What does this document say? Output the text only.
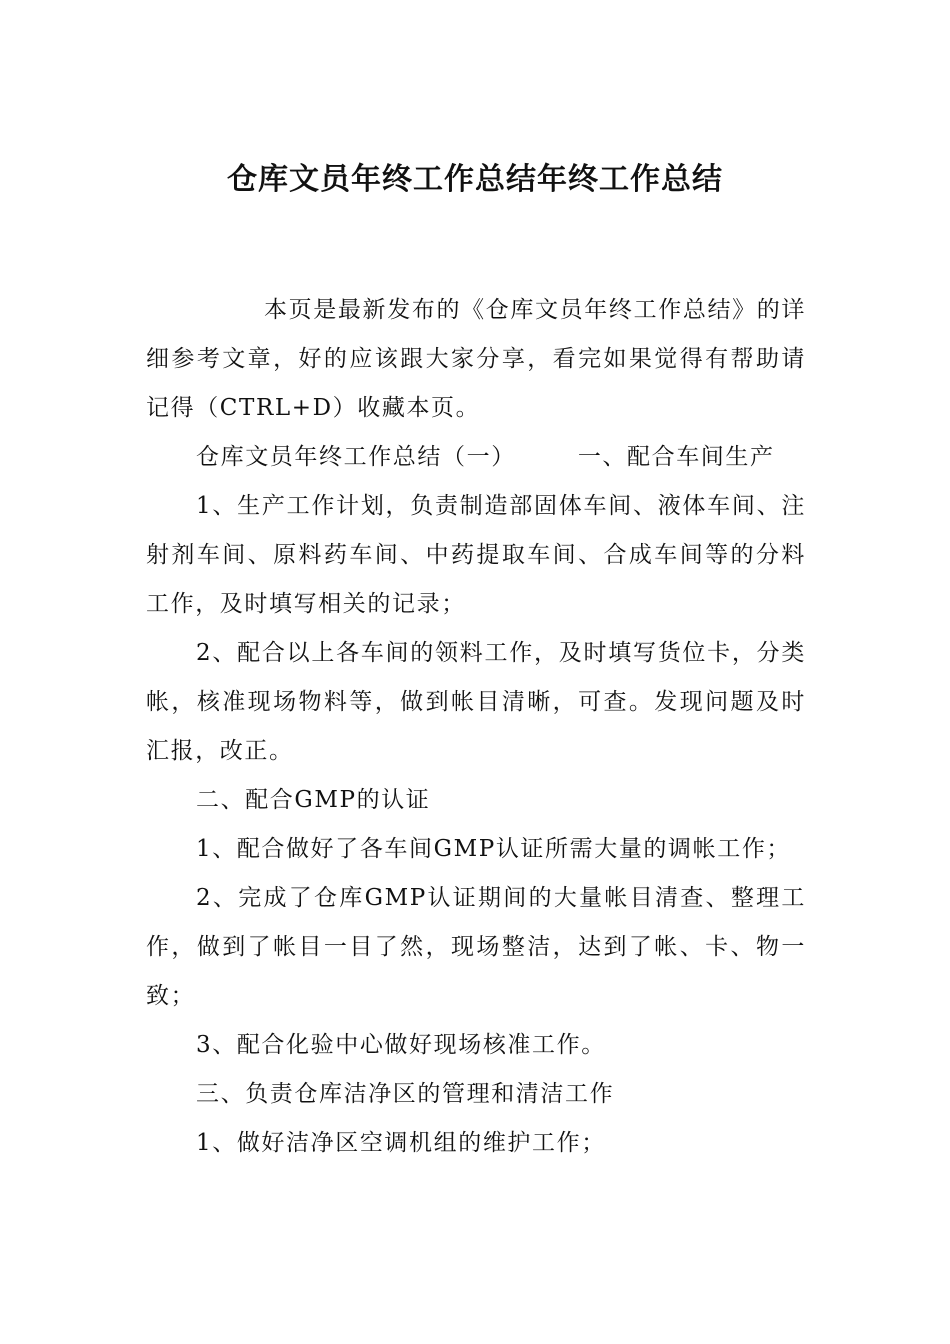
仓库文员年终工作总结年终工作总结

本页是最新发布的《仓库文员年终工作总结》的详细参考文章，好的应该跟大家分享，看完如果觉得有帮助请记得（CTRL+D）收藏本页。

仓库文员年终工作总结（一）	一、配合车间生产

1、生产工作计划，负责制造部固体车间、液体车间、注射剂车间、原料药车间、中药提取车间、合成车间等的分料工作，及时填写相关的记录；

2、配合以上各车间的领料工作，及时填写货位卡，分类帐，核准现场物料等，做到帐目清晰，可查。发现问题及时汇报，改正。

二、配合GMP的认证

1、配合做好了各车间GMP认证所需大量的调帐工作；

2、完成了仓库GMP认证期间的大量帐目清查、整理工作，做到了帐目一目了然，现场整洁，达到了帐、卡、物一致；

3、配合化验中心做好现场核准工作。

三、负责仓库洁净区的管理和清洁工作

1、做好洁净区空调机组的维护工作；
